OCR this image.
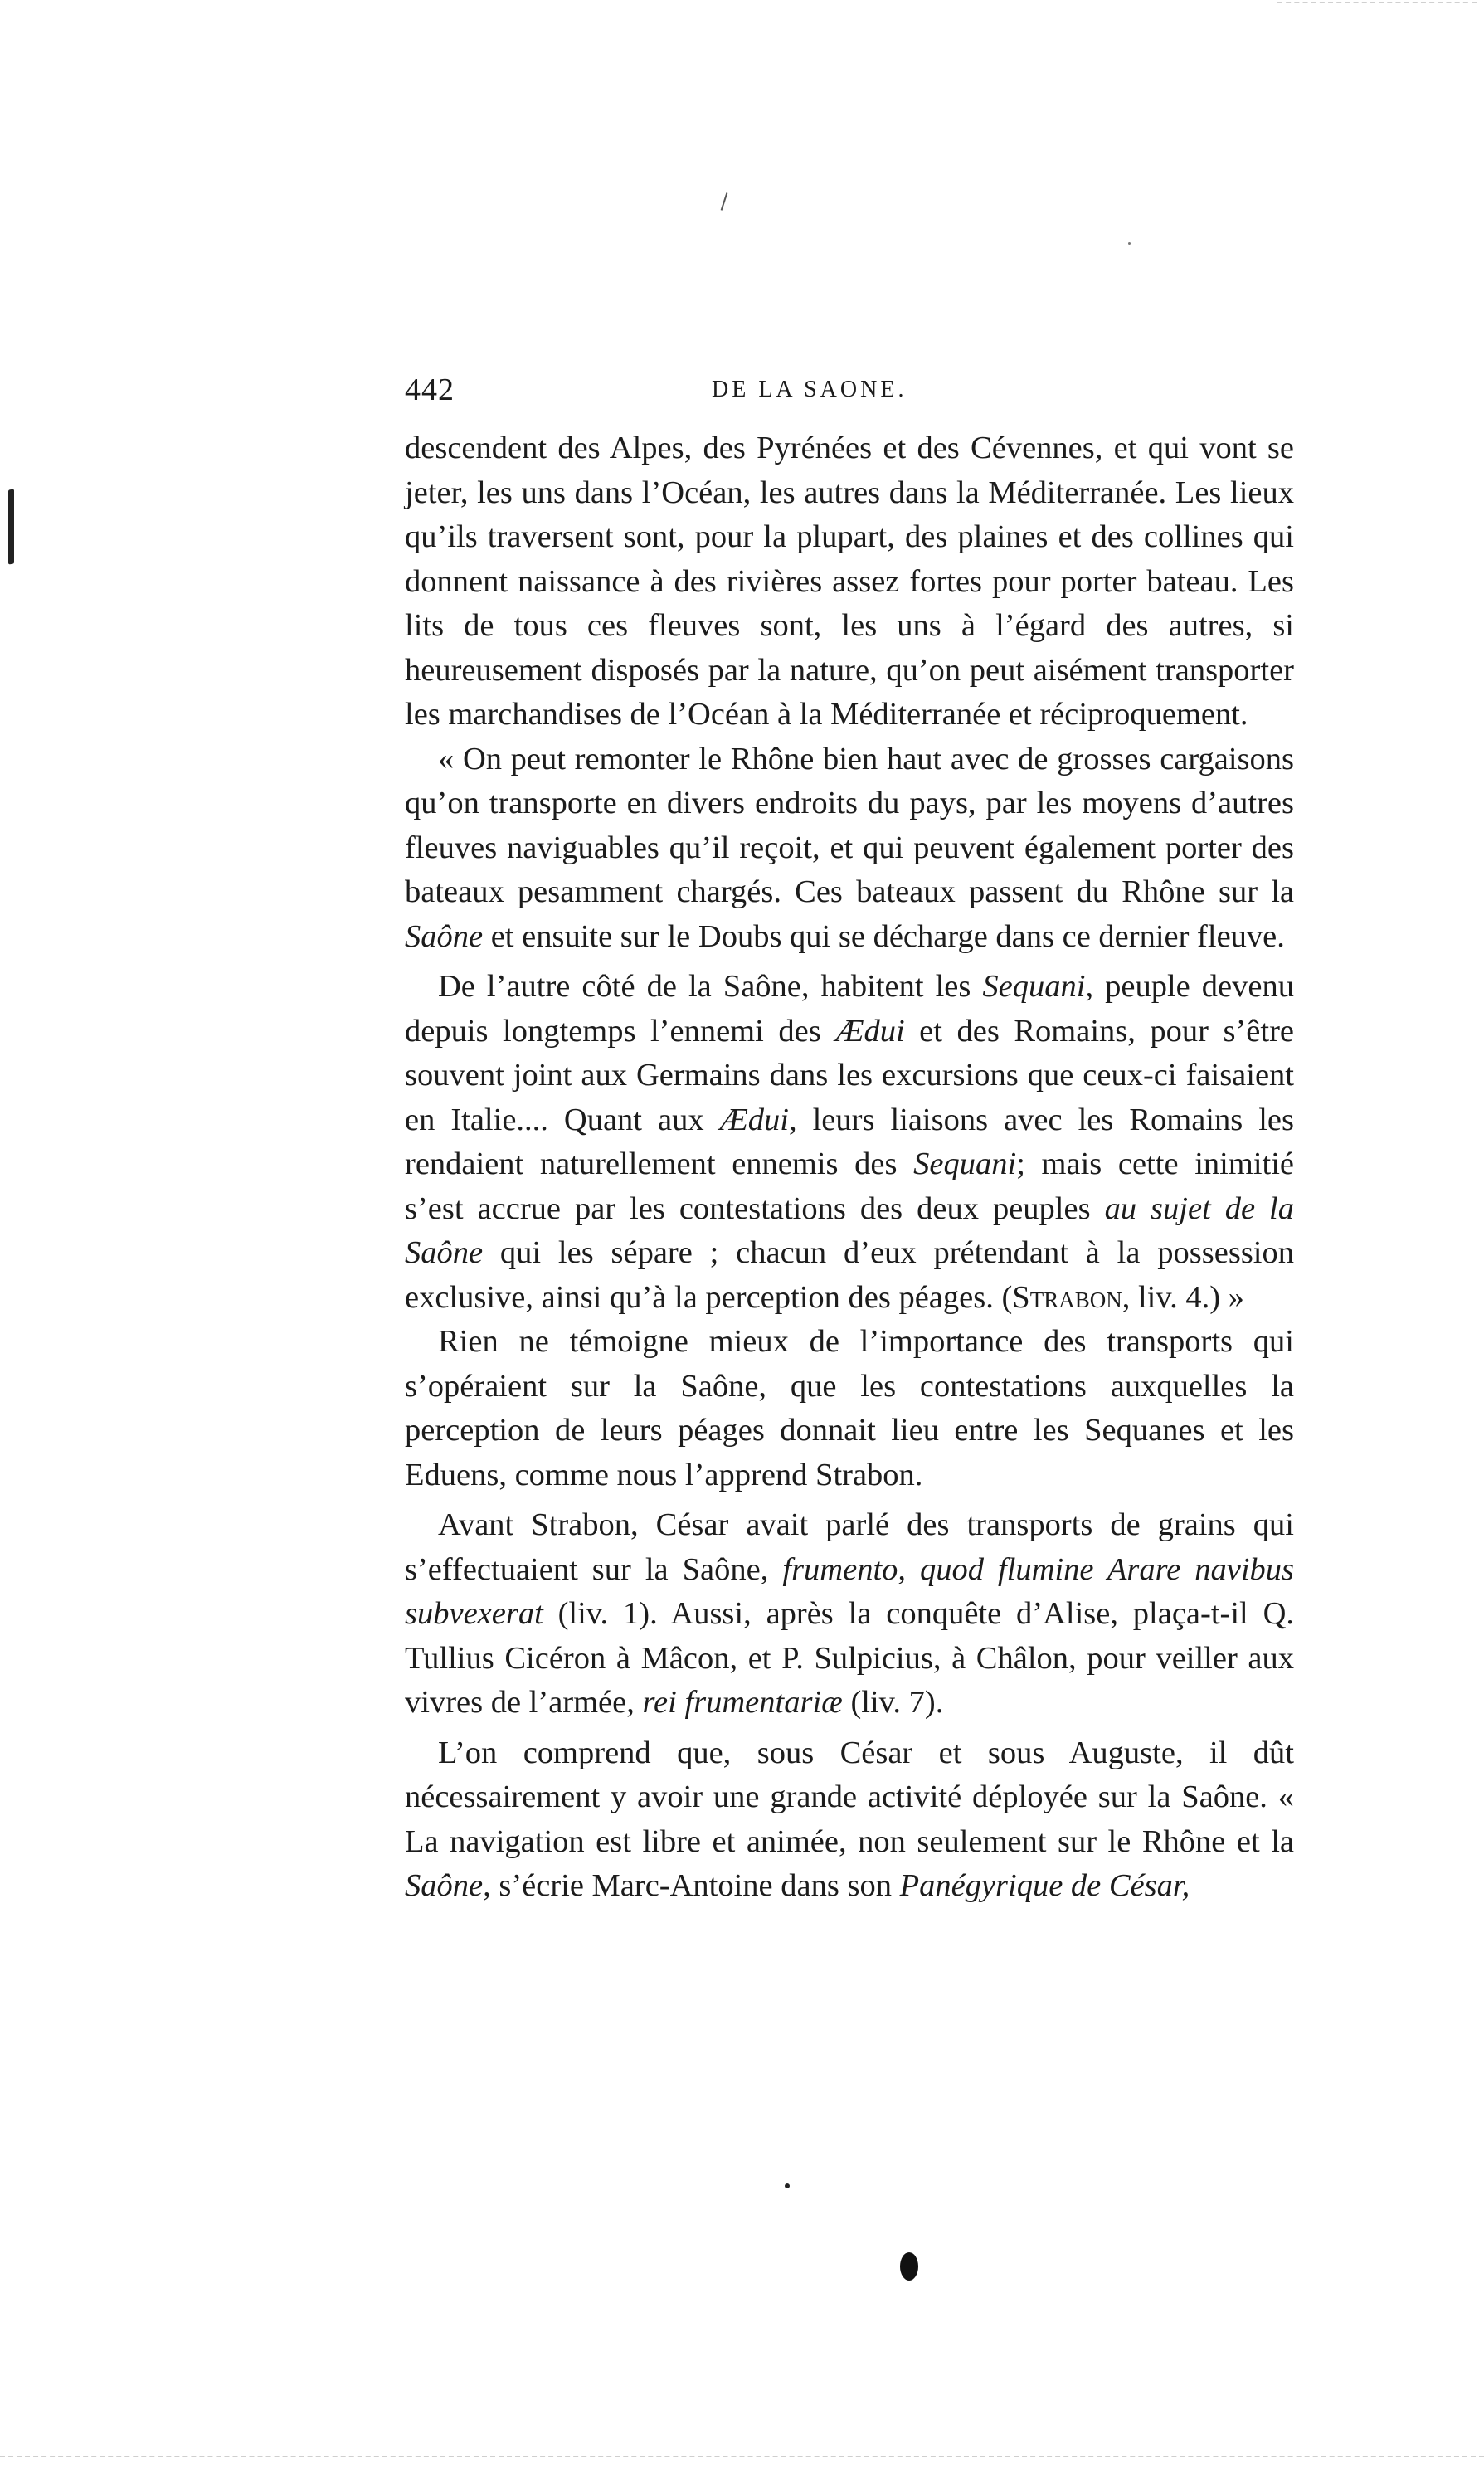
442	DE LA SAONE.

descendent des Alpes, des Pyrénées et des Cévennes, et qui vont se jeter, les uns dans l’Océan, les autres dans la Méditerranée. Les lieux qu’ils traversent sont, pour la plupart, des plaines et des collines qui donnent naissance à des rivières assez fortes pour porter bateau. Les lits de tous ces fleuves sont, les uns à l’égard des autres, si heureusement disposés par la nature, qu’on peut aisément transporter les marchandises de l’Océan à la Méditerranée et réciproquement.

« On peut remonter le Rhône bien haut avec de grosses cargaisons qu’on transporte en divers endroits du pays, par les moyens d’autres fleuves naviguables qu’il reçoit, et qui peuvent également porter des bateaux pesamment chargés. Ces bateaux passent du Rhône sur la Saône et ensuite sur le Doubs qui se décharge dans ce dernier fleuve.

De l’autre côté de la Saône, habitent les Sequani, peuple devenu depuis longtemps l’ennemi des Ædui et des Romains, pour s’être souvent joint aux Germains dans les excursions que ceux-ci faisaient en Italie.... Quant aux Ædui, leurs liaisons avec les Romains les rendaient naturellement ennemis des Sequani; mais cette inimitié s’est accrue par les contestations des deux peuples au sujet de la Saône qui les sépare ; chacun d’eux prétendant à la possession exclusive, ainsi qu’à la perception des péages. (Strabon, liv. 4.) »

Rien ne témoigne mieux de l’importance des transports qui s’opéraient sur la Saône, que les contestations auxquelles la perception de leurs péages donnait lieu entre les Sequanes et les Eduens, comme nous l’apprend Strabon.

Avant Strabon, César avait parlé des transports de grains qui s’effectuaient sur la Saône, frumento, quod flumine Arare navibus subvexerat (liv. 1). Aussi, après la conquête d’Alise, plaça-t-il Q. Tullius Cicéron à Mâcon, et P. Sulpicius, à Châlon, pour veiller aux vivres de l’armée, rei frumentariæ (liv. 7).

L’on comprend que, sous César et sous Auguste, il dût nécessairement y avoir une grande activité déployée sur la Saône. « La navigation est libre et animée, non seulement sur le Rhône et la Saône, s’écrie Marc-Antoine dans son Panégyrique de César,
